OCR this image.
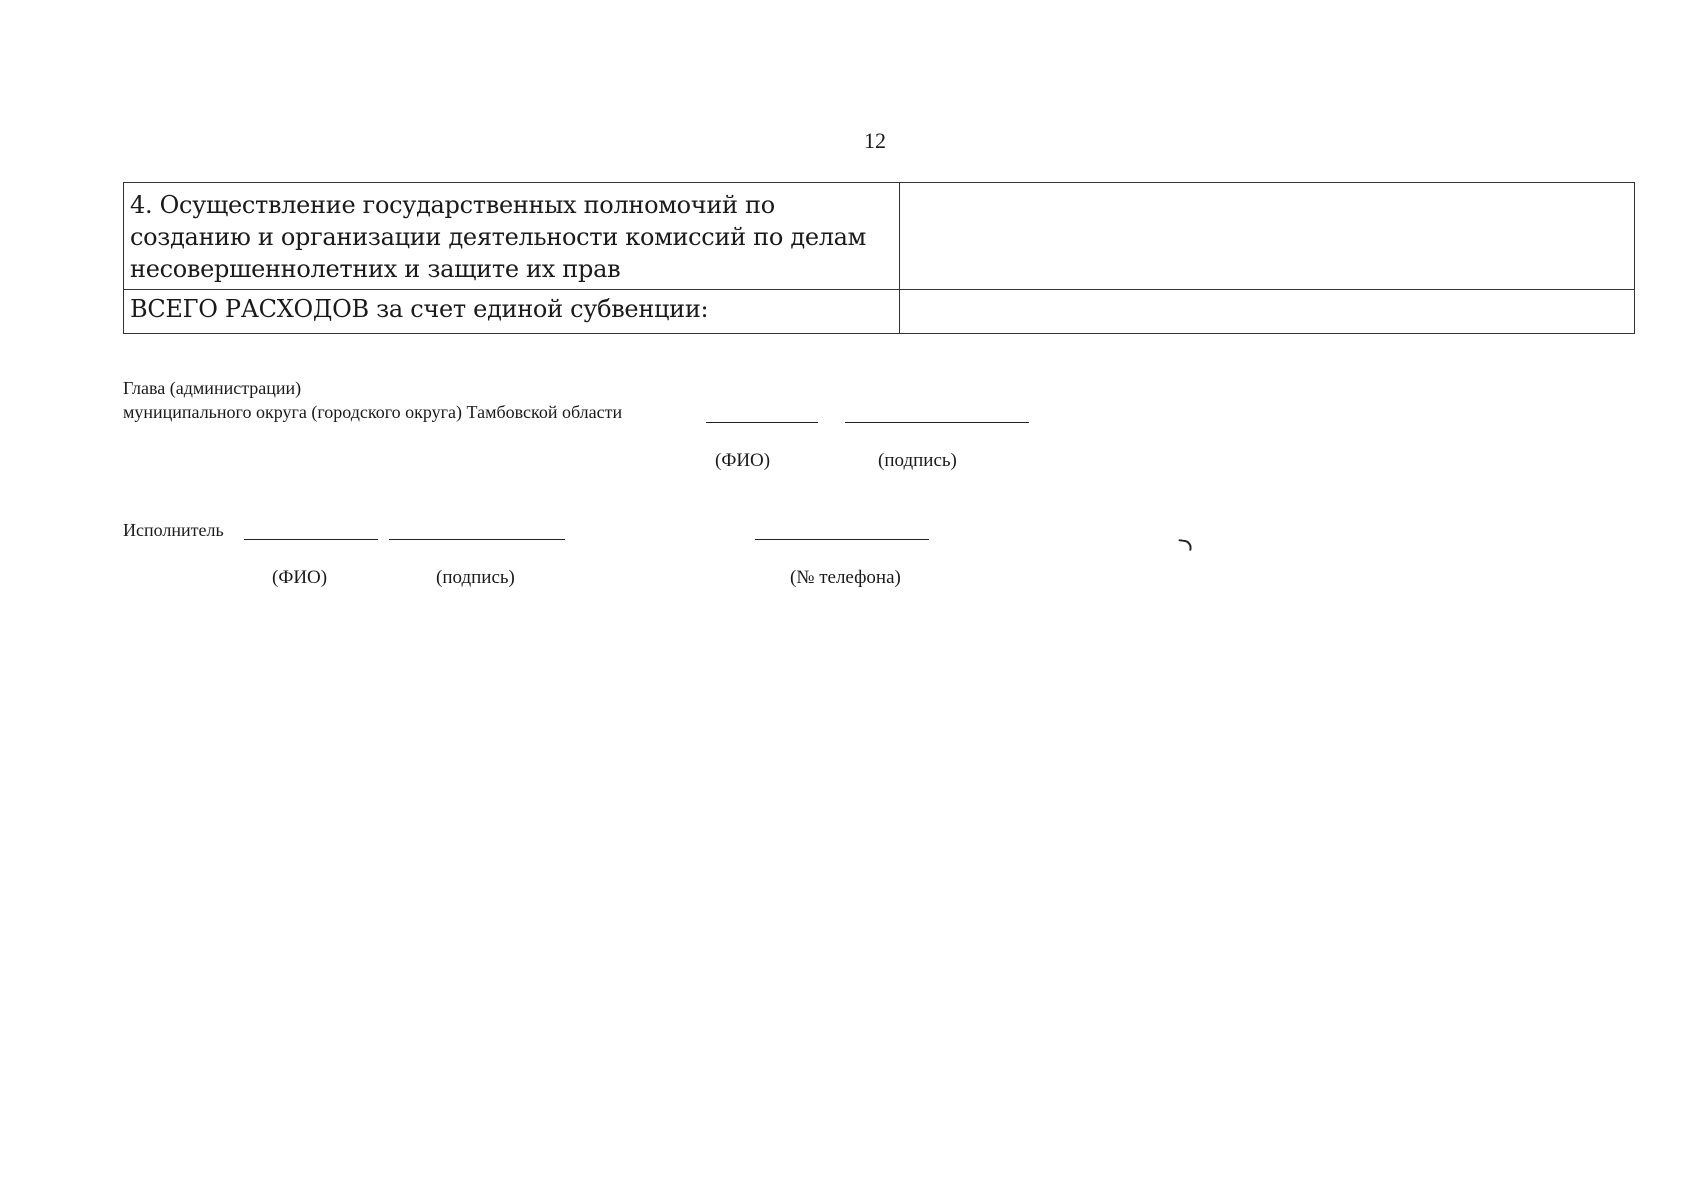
12
4. Осуществление государственных полномочий по созданию и организации деятельности комиссий по делам несовершеннолетних и защите их прав	
ВСЕГО РАСХОДОВ за счет единой субвенции:	
Глава (администрации)
муниципального округа (городского округа) Тамбовской области
(ФИО)	(подпись)
Исполнитель
(ФИО)	(подпись)	(№ телефона)
